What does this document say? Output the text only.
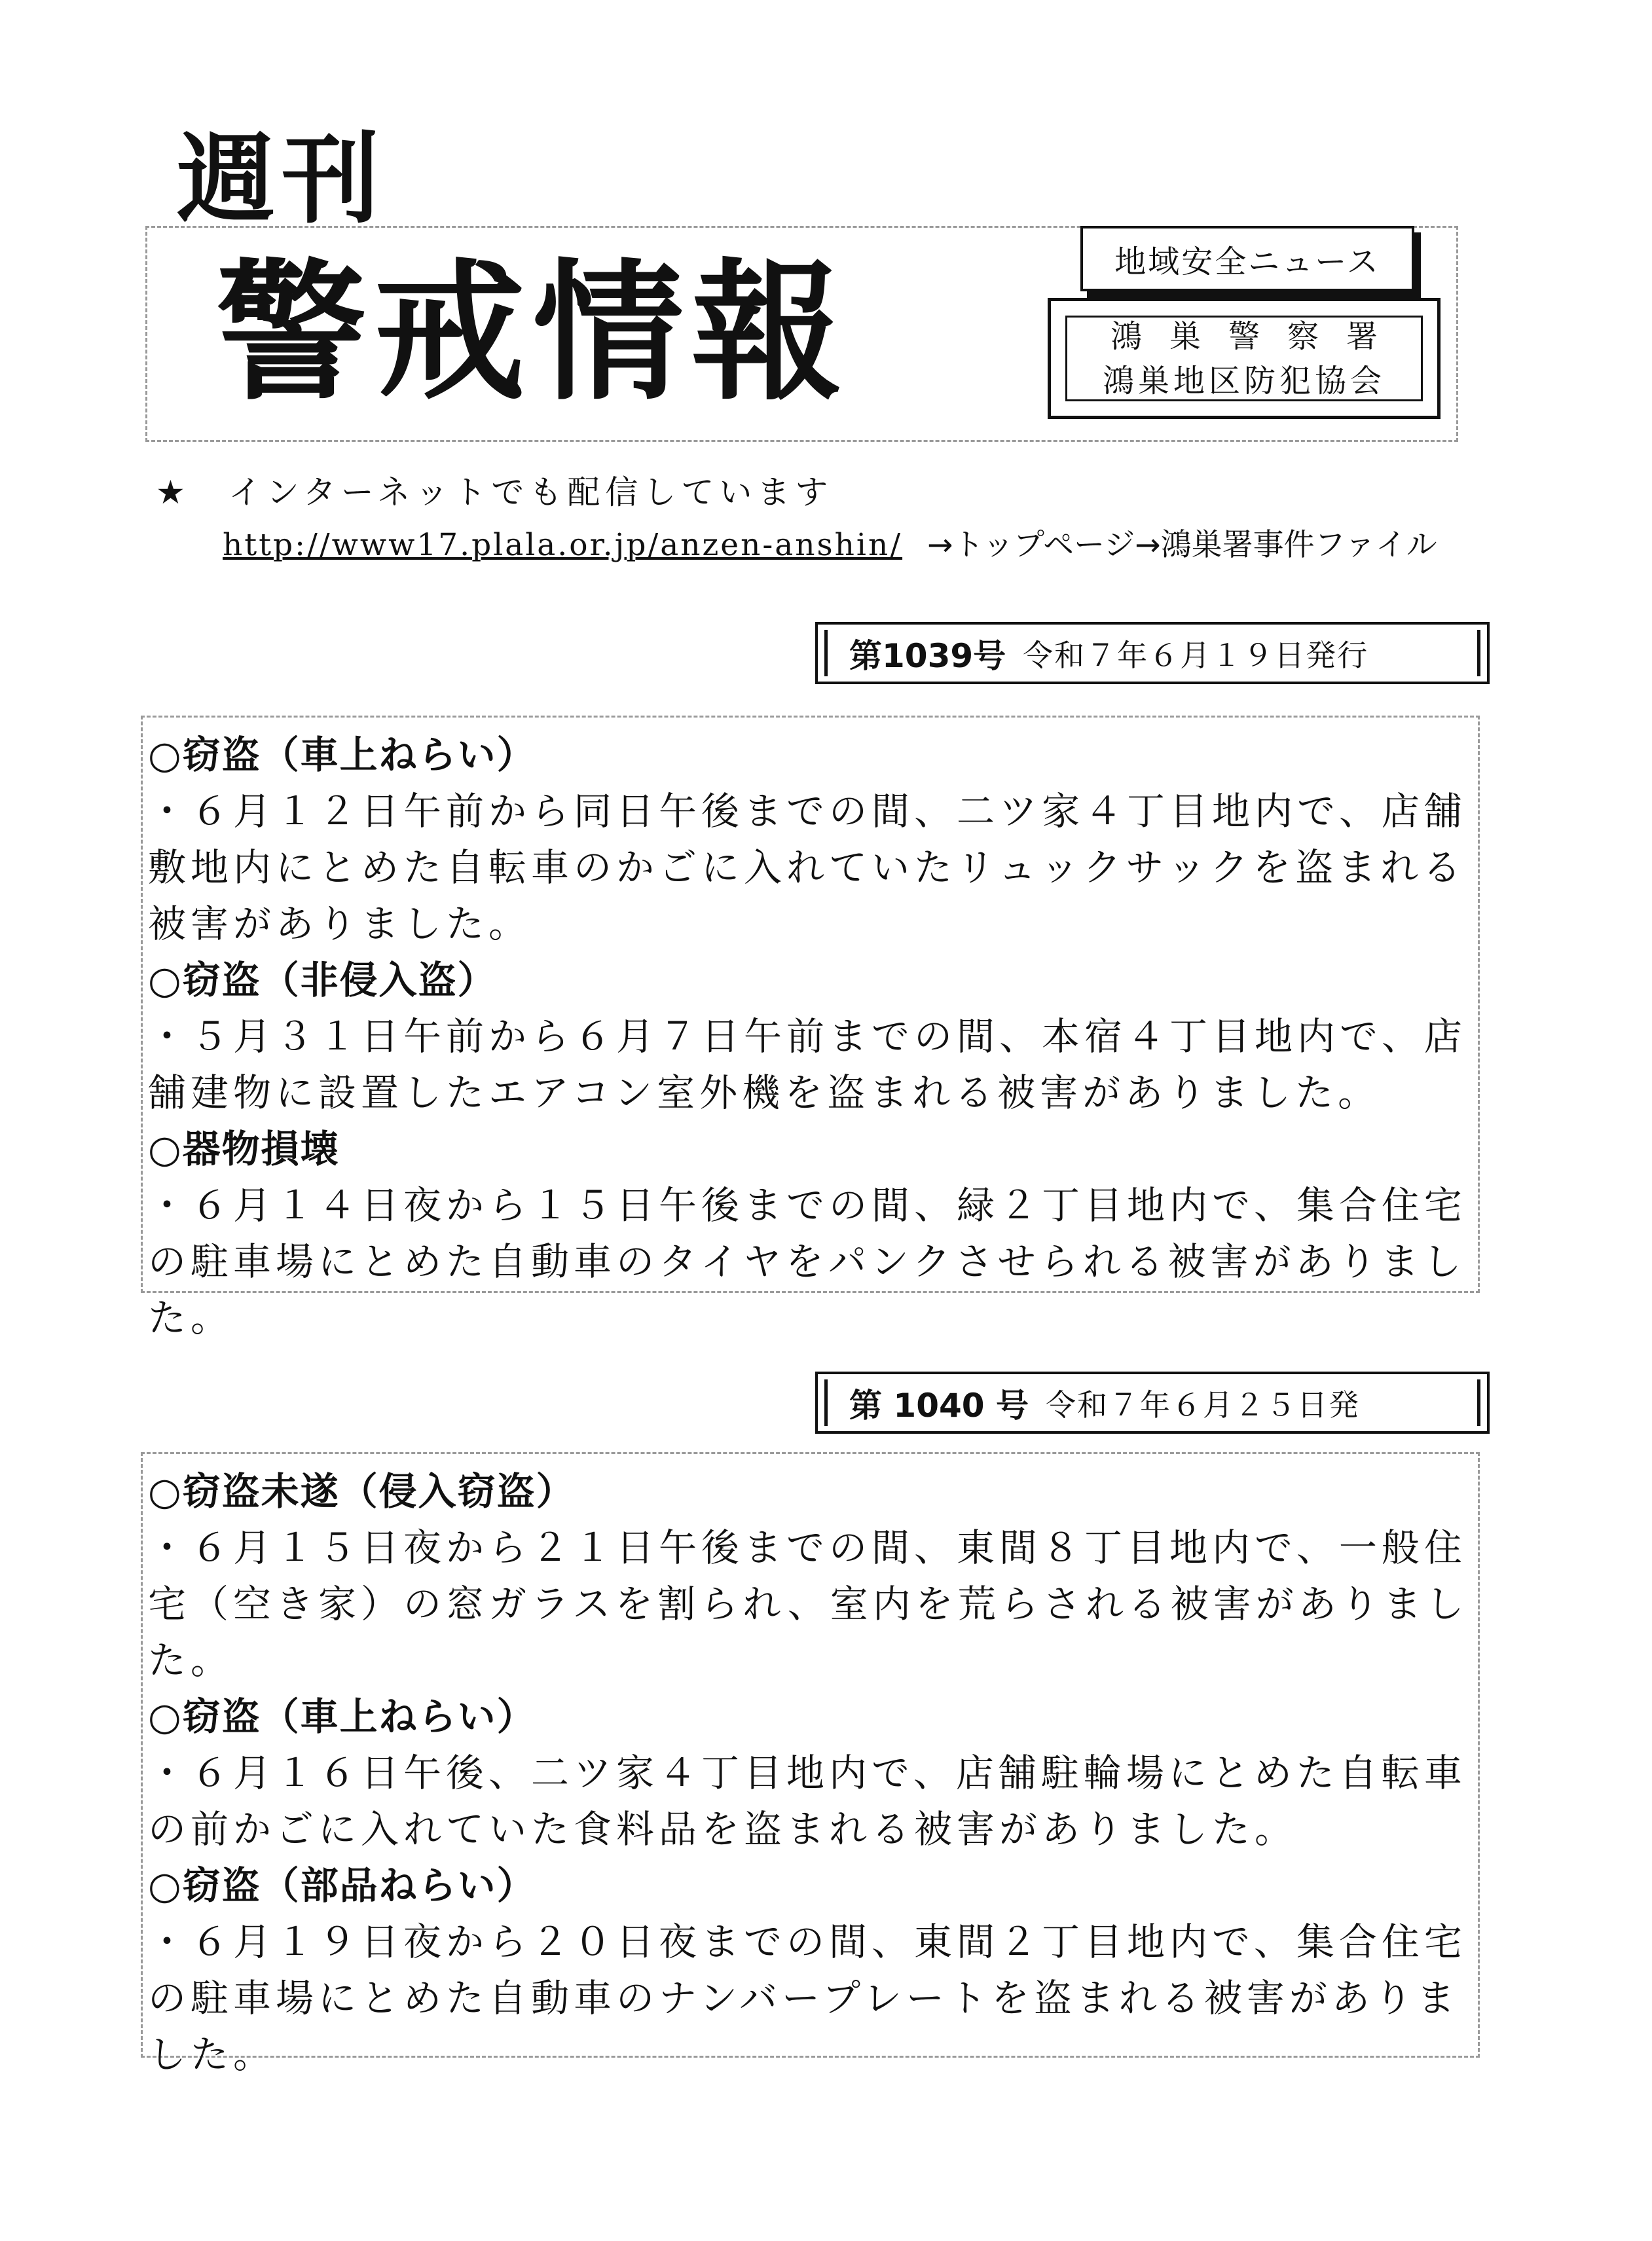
週刊
警戒情報	地域安全ニュース
鴻巣警察署
鴻巣地区防犯協会
★　インターネットでも配信しています
http://www17.plala.or.jp/anzen-anshin/ →トップページ→鴻巣署事件ファイル
第1039号 令和７年６月１９日発行
○窃盗（車上ねらい）
・６月１２日午前から同日午後までの間、二ツ家４丁目地内で、店舗敷地内にとめた自転車のかごに入れていたリュックサックを盗まれる被害がありました。
○窃盗（非侵入盗）
・５月３１日午前から６月７日午前までの間、本宿４丁目地内で、店舗建物に設置したエアコン室外機を盗まれる被害がありました。
○器物損壊
・６月１４日夜から１５日午後までの間、緑２丁目地内で、集合住宅の駐車場にとめた自動車のタイヤをパンクさせられる被害がありました。
第 1040 号 令和７年６月２５日発
○窃盗未遂（侵入窃盗）
・６月１５日夜から２１日午後までの間、東間８丁目地内で、一般住宅（空き家）の窓ガラスを割られ、室内を荒らされる被害がありました。
○窃盗（車上ねらい）
・６月１６日午後、二ツ家４丁目地内で、店舗駐輪場にとめた自転車の前かごに入れていた食料品を盗まれる被害がありました。
○窃盗（部品ねらい）
・６月１９日夜から２０日夜までの間、東間２丁目地内で、集合住宅の駐車場にとめた自動車のナンバープレートを盗まれる被害がありました。
